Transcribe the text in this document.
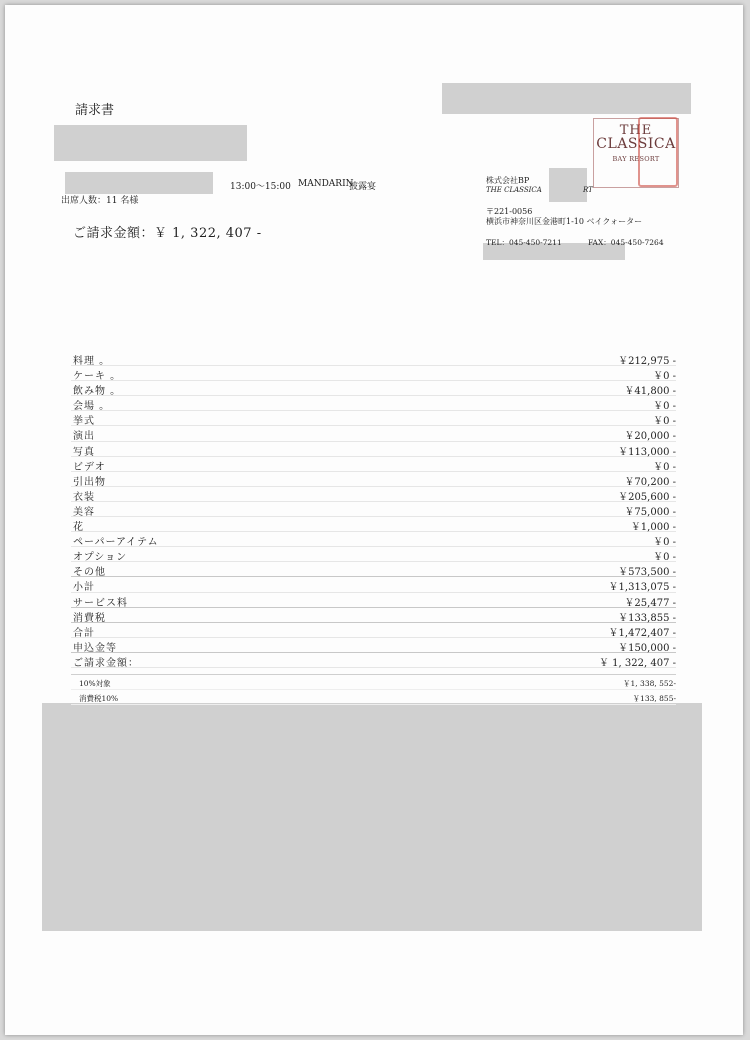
請求書
13:00～15:00 MANDARIN
披露宴
出席人数：11 名様
ご請求金額：￥ 1, 322, 407 -
THE
CLASSICA
BAY RESORT
株式会社BP
THE CLASSICA	RT
〒221-0056
横浜市神奈川区金港町1-10 ベイクォーター
TEL：045-450-7211	FAX：045-450-7264
料理 。	￥212,975 -
ケーキ 。	￥0 -
飲み物 。	￥41,800 -
会場 。	￥0 -
挙式	￥0 -
演出	￥20,000 -
写真	￥113,000 -
ビデオ	￥0 -
引出物	￥70,200 -
衣装	￥205,600 -
美容	￥75,000 -
花	￥1,000 -
ペーパーアイテム	￥0 -
オプション	￥0 -
その他	￥573,500 -
小計	￥1,313,075 -
サービス料	￥25,477 -
消費税	￥133,855 -
合計	￥1,472,407 -
申込金等	￥150,000 -
ご請求金額：	￥ 1, 322, 407 -
10%対象	￥1, 338, 552-
消費税10%	￥133, 855-
